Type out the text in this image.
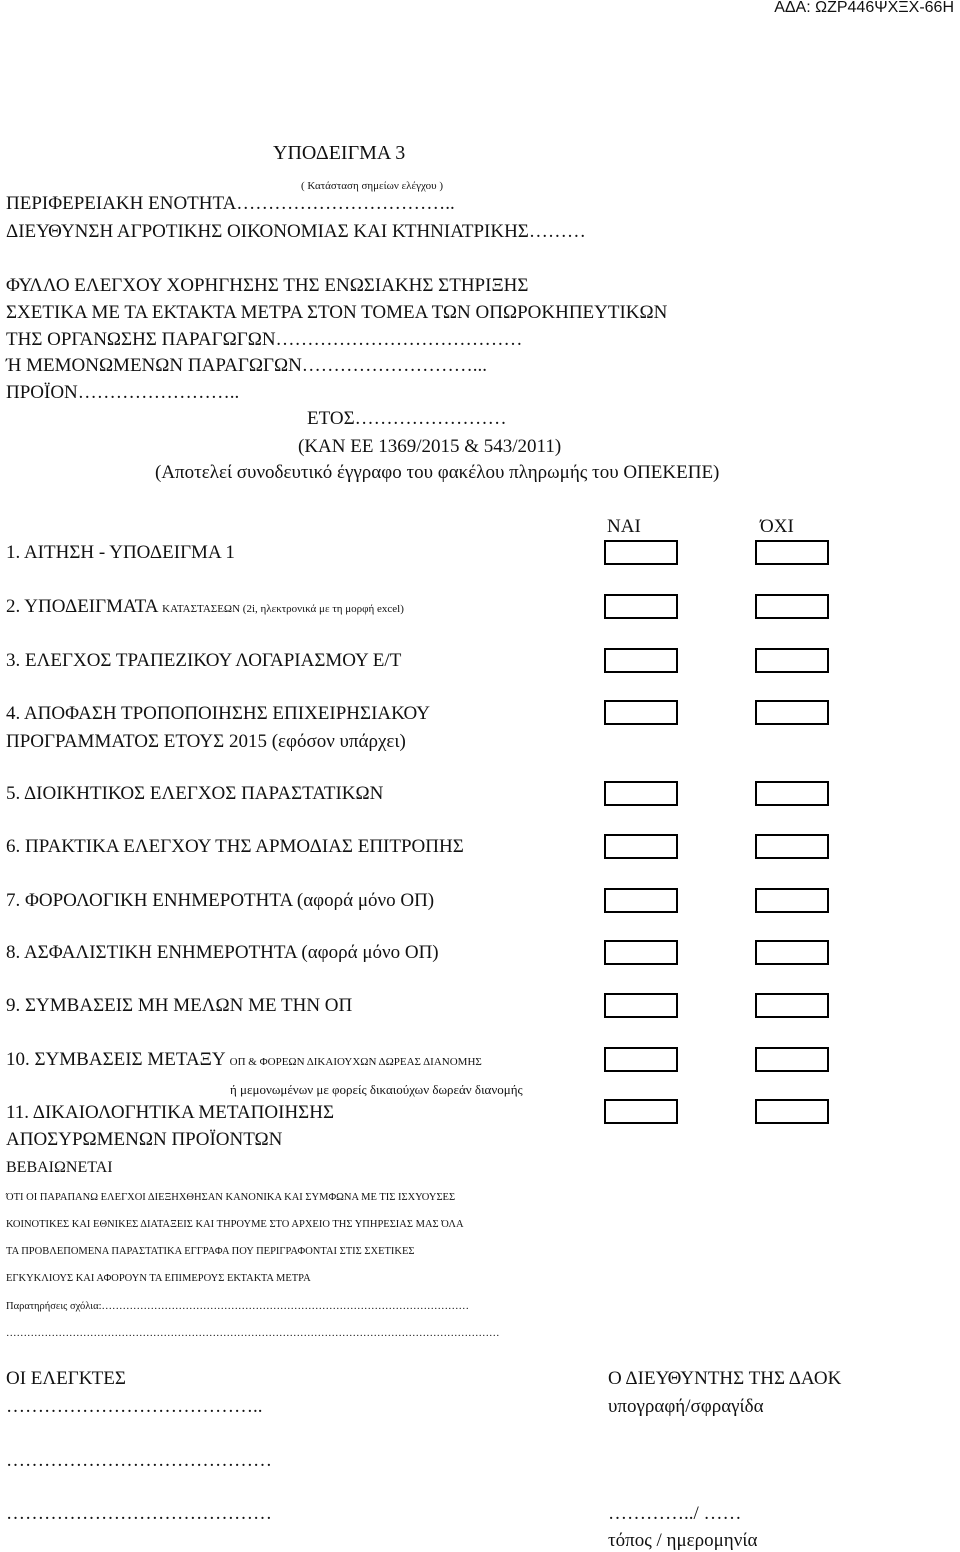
ΑΔΑ: ΩΖΡ446ΨΧΞΧ-66Η
ΥΠΟΔΕΙΓΜΑ 3
( Κατάσταση σημείων ελέγχου )
ΠΕΡΙΦΕΡΕΙΑΚΗ ΕΝΟΤΗΤΑ……………………………..
ΔΙΕΥΘΥΝΣΗ ΑΓΡΟΤΙΚΗΣ ΟΙΚΟΝΟΜΙΑΣ ΚΑΙ ΚΤΗΝΙΑΤΡΙΚΗΣ………
ΦΥΛΛΟ ΕΛΕΓΧΟΥ ΧΟΡΗΓΗΣΗΣ ΤΗΣ ΕΝΩΣΙΑΚΗΣ ΣΤΗΡΙΞΗΣ
ΣΧΕΤΙΚΑ ΜΕ ΤΑ ΕΚΤΑΚΤΑ ΜΕΤΡΑ ΣΤΟΝ ΤΟΜΕΑ ΤΩΝ ΟΠΩΡΟΚΗΠΕΥΤΙΚΩΝ
ΤΗΣ ΟΡΓΑΝΩΣΗΣ ΠΑΡΑΓΩΓΩΝ…………………………………
Ή ΜΕΜΟΝΩΜΕΝΩΝ ΠΑΡΑΓΩΓΩΝ………………………...
ΠΡΟΪΟΝ……………………..
ΕΤΟΣ……………………
(ΚΑΝ ΕΕ 1369/2015 & 543/2011)
(Αποτελεί συνοδευτικό έγγραφο του φακέλου πληρωμής του ΟΠΕΚΕΠΕ)
ΝΑΙ	ΌΧΙ
1. ΑΙΤΗΣΗ - ΥΠΟΔΕΙΓΜΑ 1
2. ΥΠΟΔΕΙΓΜΑΤΑ ΚΑΤΑΣΤΑΣΕΩΝ (2i, ηλεκτρονικά με τη μορφή excel)
3. ΕΛΕΓΧΟΣ ΤΡΑΠΕΖΙΚΟΥ ΛΟΓΑΡΙΑΣΜΟΥ Ε/Τ
4. ΑΠΟΦΑΣΗ ΤΡΟΠΟΠΟΙΗΣΗΣ ΕΠΙΧΕΙΡΗΣΙΑΚΟΥ
ΠΡΟΓΡΑΜΜΑΤΟΣ ΕΤΟΥΣ 2015 (εφόσον υπάρχει)
5. ΔΙΟΙΚΗΤΙΚΟΣ ΕΛΕΓΧΟΣ ΠΑΡΑΣΤΑΤΙΚΩΝ
6. ΠΡΑΚΤΙΚΑ ΕΛΕΓΧΟΥ ΤΗΣ ΑΡΜΟΔΙΑΣ ΕΠΙΤΡΟΠΗΣ
7. ΦΟΡΟΛΟΓΙΚΗ ΕΝΗΜΕΡΟΤΗΤΑ (αφορά μόνο ΟΠ)
8. ΑΣΦΑΛΙΣΤΙΚΗ ΕΝΗΜΕΡΟΤΗΤΑ (αφορά μόνο ΟΠ)
9. ΣΥΜΒΑΣΕΙΣ ΜΗ ΜΕΛΩΝ ΜΕ ΤΗΝ ΟΠ
10. ΣΥΜΒΑΣΕΙΣ ΜΕΤΑΞΥ ΟΠ & ΦΟΡΕΩΝ ΔΙΚΑΙΟΥΧΩΝ ΔΩΡΕΑΣ ΔΙΑΝΟΜΗΣ
ή μεμονωμένων με φορείς δικαιούχων δωρεάν διανομής
11. ΔΙΚΑΙΟΛΟΓΗΤΙΚΑ ΜΕΤΑΠΟΙΗΣΗΣ
ΑΠΟΣΥΡΩΜΕΝΩΝ ΠΡΟΪΟΝΤΩΝ
ΒΕΒΑΙΩΝΕΤΑΙ
ΌΤΙ ΟΙ ΠΑΡΑΠΑΝΩ ΕΛΕΓΧΟΙ ΔΙΕΞΗΧΘΗΣΑΝ ΚΑΝΟΝΙΚΑ ΚΑΙ ΣΥΜΦΩΝΑ ΜΕ ΤΙΣ ΙΣΧΥΟΥΣΕΣ
ΚΟΙΝΟΤΙΚΕΣ ΚΑΙ ΕΘΝΙΚΕΣ ΔΙΑΤΑΞΕΙΣ ΚΑΙ ΤΗΡΟΥΜΕ ΣΤΟ ΑΡΧΕΙΟ ΤΗΣ ΥΠΗΡΕΣΙΑΣ ΜΑΣ ΌΛΑ
ΤΑ ΠΡΟΒΛΕΠΟΜΕΝΑ ΠΑΡΑΣΤΑΤΙΚΑ ΕΓΓΡΑΦΑ ΠΟΥ ΠΕΡΙΓΡΑΦΟΝΤΑΙ ΣΤΙΣ ΣΧΕΤΙΚΕΣ
ΕΓΚΥΚΛΙΟΥΣ ΚΑΙ ΑΦΟΡΟΥΝ ΤΑ ΕΠΙΜΕΡΟΥΣ ΕΚΤΑΚΤΑ ΜΕΤΡΑ
Παρατηρήσεις σχόλια:……………………………………………………………………………………………
……………………………………………………………………………………………………………………………
ΟΙ ΕΛΕΓΚΤΕΣ
…………………………………..
……………………………………
……………………………………
Ο ΔΙΕΥΘΥΝΤΗΣ ΤΗΣ ΔΑΟΚ
υπογραφή/σφραγίδα
…………../ ……
τόπος / ημερομηνία
